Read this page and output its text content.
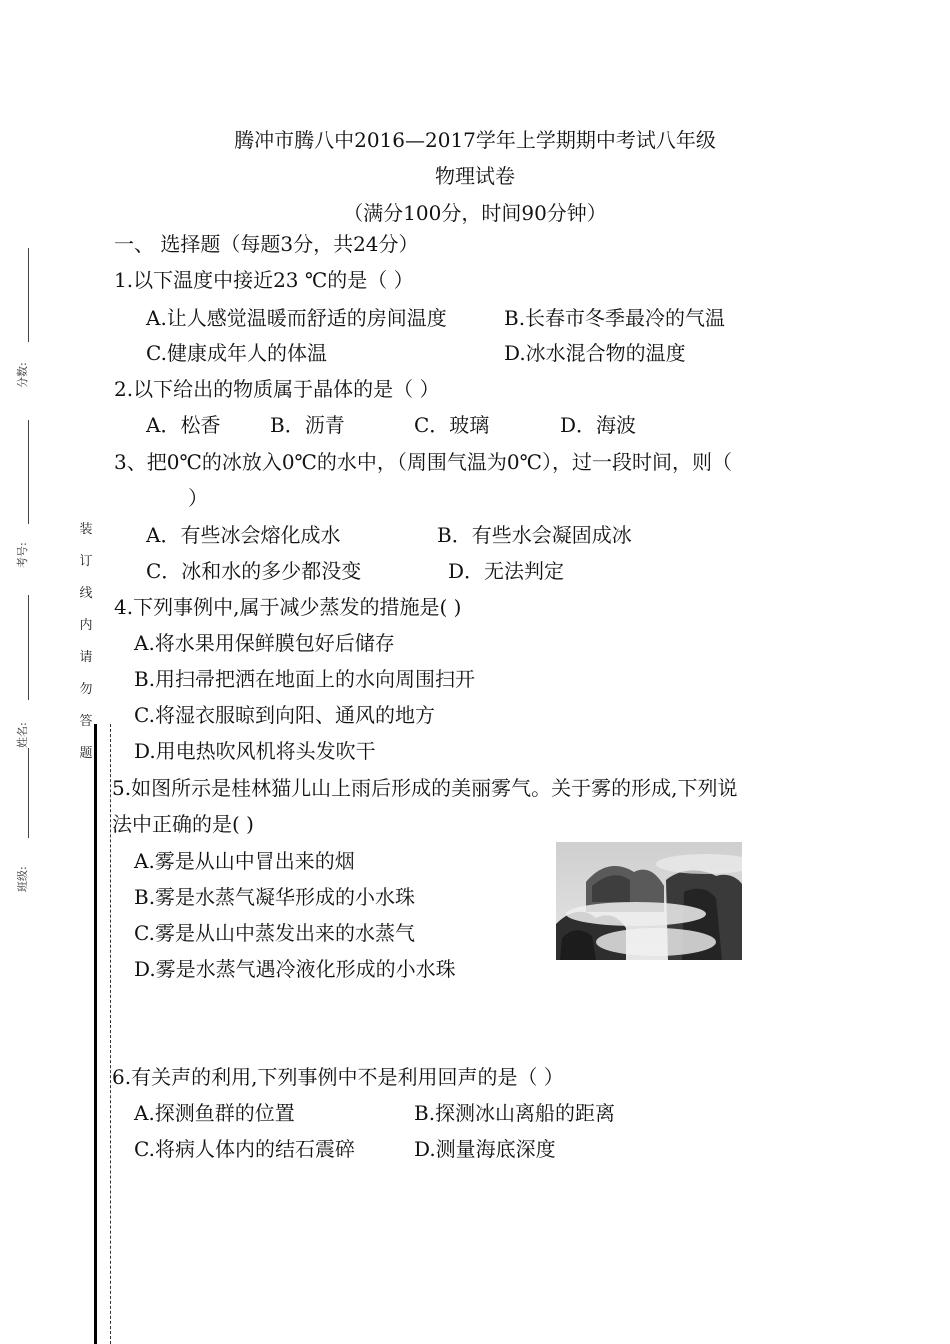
分数:
考号:
姓名:
班级:
装订线内请勿答题
腾冲市腾八中2016—2017学年上学期期中考试八年级
物理试卷
（满分100分，时间90分钟）
一、 选择题（每题3分，共24分）
1.以下温度中接近23 ℃的是（ ）
A.让人感觉温暖而舒适的房间温度	B.长春市冬季最冷的气温
C.健康成年人的体温	D.冰水混合物的温度
2.以下给出的物质属于晶体的是（ ）
A．松香 B．沥青	C．玻璃	D．海波
3、把0℃的冰放入0℃的水中，（周围气温为0℃），过一段时间，则（
）
A．有些冰会熔化成水	B．有些水会凝固成冰
C．冰和水的多少都没变	D．无法判定
4.下列事例中,属于减少蒸发的措施是( )
A.将水果用保鲜膜包好后储存
B.用扫帚把洒在地面上的水向周围扫开
C.将湿衣服晾到向阳、通风的地方
D.用电热吹风机将头发吹干
5.如图所示是桂林猫儿山上雨后形成的美丽雾气。关于雾的形成,下列说
法中正确的是( )
A.雾是从山中冒出来的烟
B.雾是水蒸气凝华形成的小水珠
C.雾是从山中蒸发出来的水蒸气
D.雾是水蒸气遇冷液化形成的小水珠
6.有关声的利用,下列事例中不是利用回声的是（ ）
A.探测鱼群的位置	B.探测冰山离船的距离
C.将病人体内的结石震碎	D.测量海底深度
